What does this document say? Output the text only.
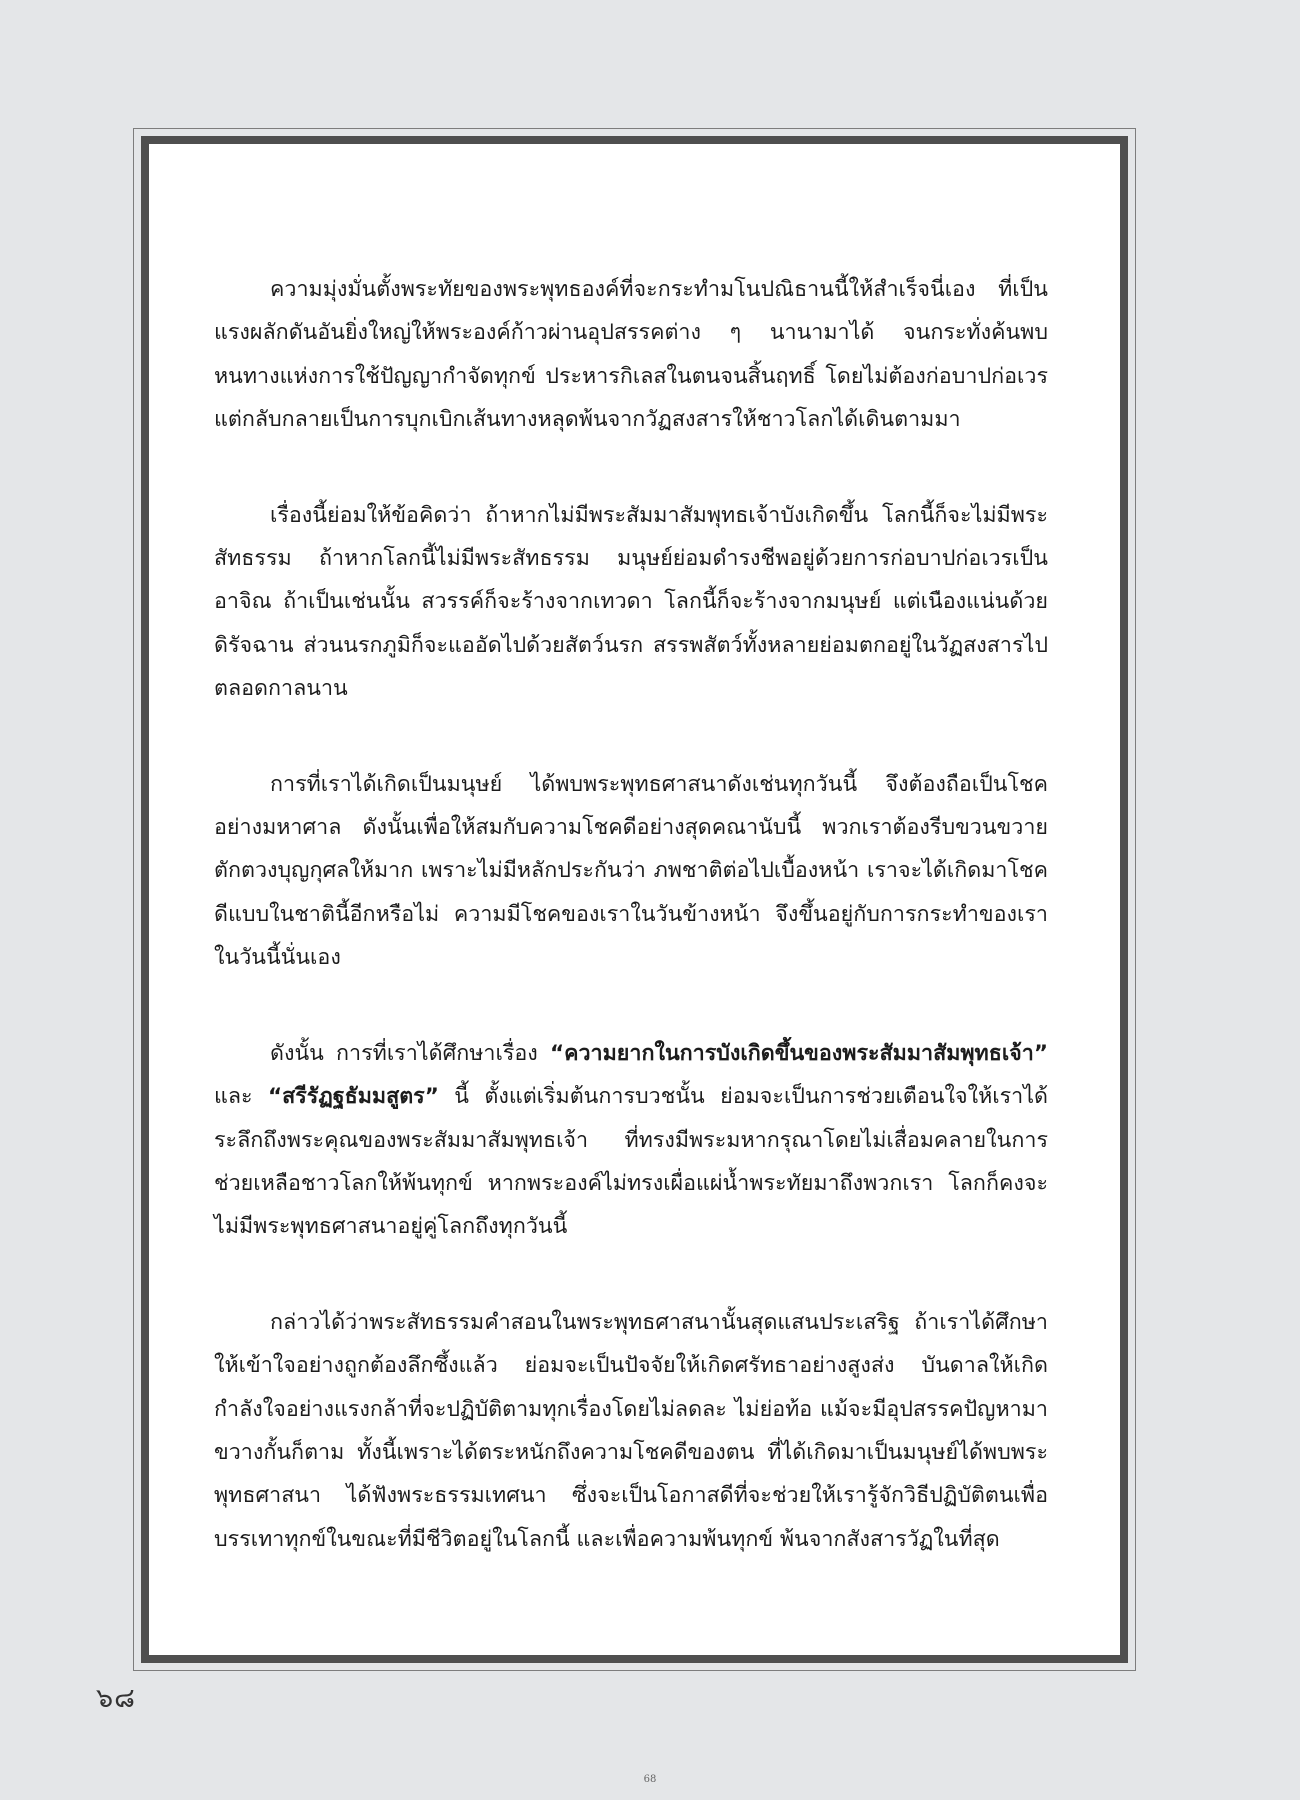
ความมุ่งมั่นตั้งพระทัยของพระพุทธองค์ที่จะกระทำมโนปณิธานนี้ให้สำเร็จนี่เอง ที่เป็นแรงผลักดันอันยิ่งใหญ่ให้พระองค์ก้าวผ่านอุปสรรคต่าง ๆ นานามาได้ จนกระทั่งค้นพบหนทางแห่งการใช้ปัญญากำจัดทุกข์ ประหารกิเลสในตนจนสิ้นฤทธิ์ โดยไม่ต้องก่อบาปก่อเวร แต่กลับกลายเป็นการบุกเบิกเส้นทางหลุดพ้นจากวัฏสงสารให้ชาวโลกได้เดินตามมา

เรื่องนี้ย่อมให้ข้อคิดว่า ถ้าหากไม่มีพระสัมมาสัมพุทธเจ้าบังเกิดขึ้น โลกนี้ก็จะไม่มีพระสัทธรรม ถ้าหากโลกนี้ไม่มีพระสัทธรรม มนุษย์ย่อมดำรงชีพอยู่ด้วยการก่อบาปก่อเวรเป็นอาจิณ ถ้าเป็นเช่นนั้น สวรรค์ก็จะร้างจากเทวดา โลกนี้ก็จะร้างจากมนุษย์ แต่เนืองแน่นด้วยดิรัจฉาน ส่วนนรกภูมิก็จะแออัดไปด้วยสัตว์นรก สรรพสัตว์ทั้งหลายย่อมตกอยู่ในวัฏสงสารไปตลอดกาลนาน

การที่เราได้เกิดเป็นมนุษย์ ได้พบพระพุทธศาสนาดังเช่นทุกวันนี้ จึงต้องถือเป็นโชคอย่างมหาศาล ดังนั้นเพื่อให้สมกับความโชคดีอย่างสุดคณานับนี้ พวกเราต้องรีบขวนขวายตักตวงบุญกุศลให้มาก เพราะไม่มีหลักประกันว่า ภพชาติต่อไปเบื้องหน้า เราจะได้เกิดมาโชคดีแบบในชาตินี้อีกหรือไม่ ความมีโชคของเราในวันข้างหน้า จึงขึ้นอยู่กับการกระทำของเราในวันนี้นั่นเอง

ดังนั้น การที่เราได้ศึกษาเรื่อง “ความยากในการบังเกิดขึ้นของพระสัมมาสัมพุทธเจ้า” และ “สรีรัฏฐธัมมสูตร” นี้ ตั้งแต่เริ่มต้นการบวชนั้น ย่อมจะเป็นการช่วยเตือนใจให้เราได้ระลึกถึงพระคุณของพระสัมมาสัมพุทธเจ้า ที่ทรงมีพระมหากรุณาโดยไม่เสื่อมคลายในการช่วยเหลือชาวโลกให้พ้นทุกข์ หากพระองค์ไม่ทรงเผื่อแผ่น้ำพระทัยมาถึงพวกเรา โลกก็คงจะไม่มีพระพุทธศาสนาอยู่คู่โลกถึงทุกวันนี้

กล่าวได้ว่าพระสัทธรรมคำสอนในพระพุทธศาสนานั้นสุดแสนประเสริฐ ถ้าเราได้ศึกษาให้เข้าใจอย่างถูกต้องลึกซึ้งแล้ว ย่อมจะเป็นปัจจัยให้เกิดศรัทธาอย่างสูงส่ง บันดาลให้เกิดกำลังใจอย่างแรงกล้าที่จะปฏิบัติตามทุกเรื่องโดยไม่ลดละ ไม่ย่อท้อ แม้จะมีอุปสรรคปัญหามาขวางกั้นก็ตาม ทั้งนี้เพราะได้ตระหนักถึงความโชคดีของตน ที่ได้เกิดมาเป็นมนุษย์ได้พบพระพุทธศาสนา ได้ฟังพระธรรมเทศนา ซึ่งจะเป็นโอกาสดีที่จะช่วยให้เรารู้จักวิธีปฏิบัติตนเพื่อบรรเทาทุกข์ในขณะที่มีชีวิตอยู่ในโลกนี้ และเพื่อความพ้นทุกข์ พ้นจากสังสารวัฏในที่สุด

๖๘
68
